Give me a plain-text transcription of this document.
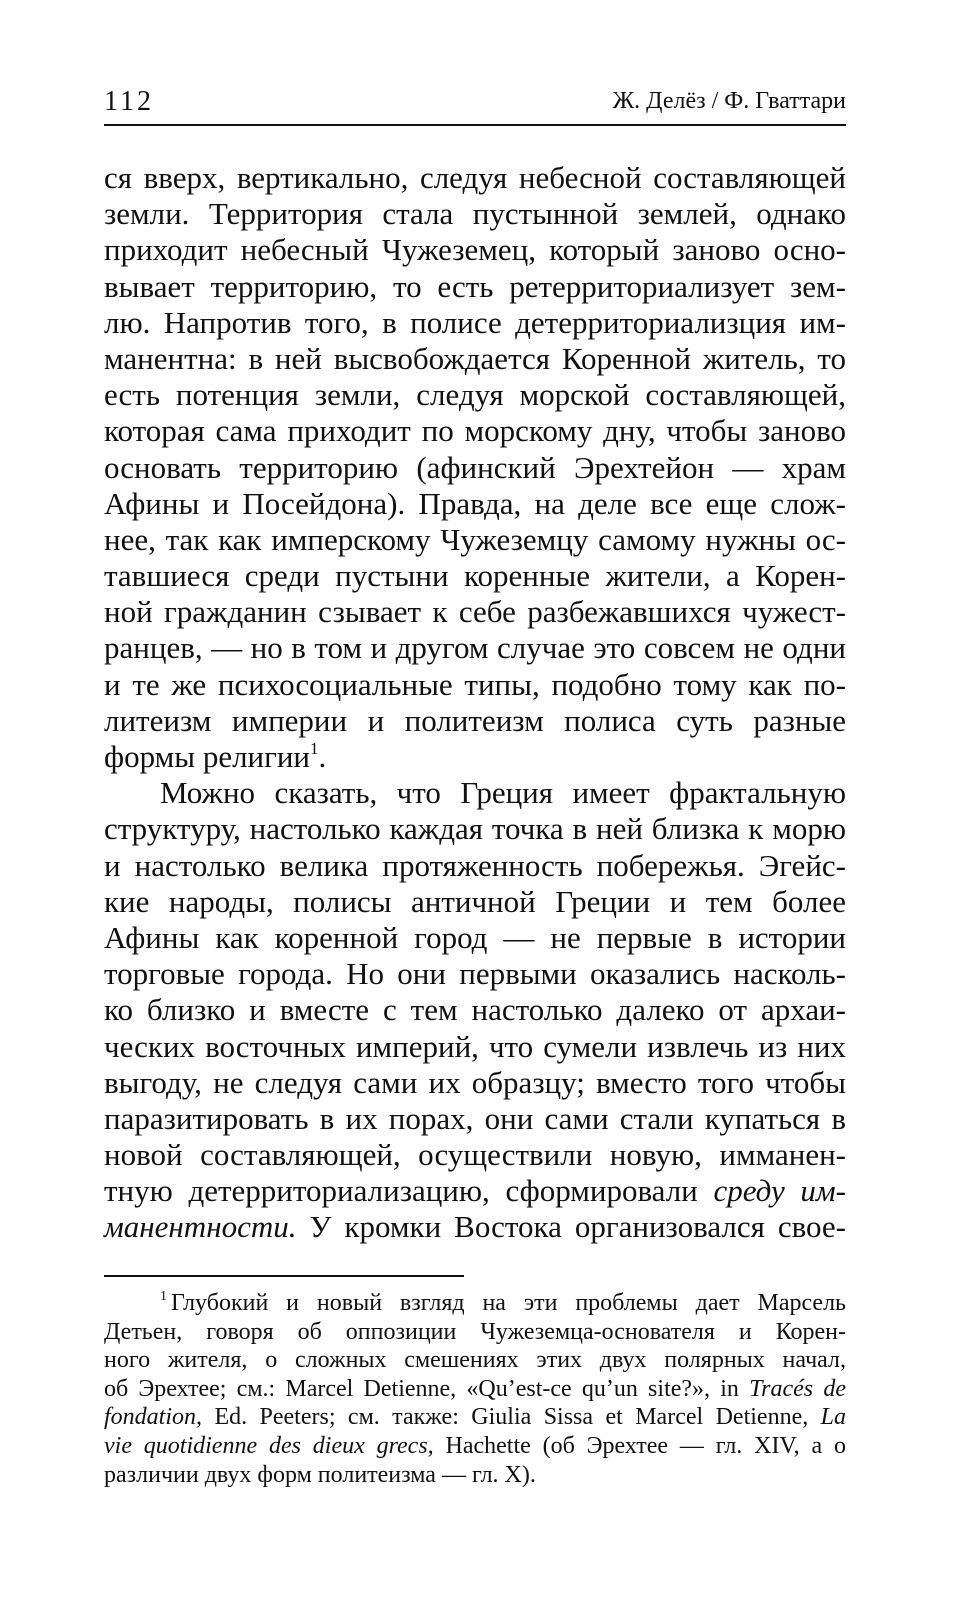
112	Ж. Делёз / Ф. Гваттари
ся вверх, вертикально, следуя небесной составляющей
земли. Территория стала пустынной землей, однако
приходит небесный Чужеземец, который заново осно-
вывает территорию, то есть ретерриториализует зем-
лю. Напротив того, в полисе детерриториализция им-
манентна: в ней высвобождается Коренной житель, то
есть потенция земли, следуя морской составляющей,
которая сама приходит по морскому дну, чтобы заново
основать территорию (афинский Эрехтейон — храм
Афины и Посейдона). Правда, на деле все еще слож-
нее, так как имперскому Чужеземцу самому нужны ос-
тавшиеся среди пустыни коренные жители, а Корен-
ной гражданин сзывает к себе разбежавшихся чужест-
ранцев, — но в том и другом случае это совсем не одни
и те же психосоциальные типы, подобно тому как по-
литеизм империи и политеизм полиса суть разные
формы религии$^1$.
Можно сказать, что Греция имеет фрактальную
структуру, настолько каждая точка в ней близка к морю
и настолько велика протяженность побережья. Эгейс-
кие народы, полисы античной Греции и тем более
Афины как коренной город — не первые в истории
торговые города. Но они первыми оказались насколь-
ко близко и вместе с тем настолько далеко от архаи-
ческих восточных империй, что сумели извлечь из них
выгоду, не следуя сами их образцу; вместо того чтобы
паразитировать в их порах, они сами стали купаться в
новой составляющей, осуществили новую, имманен-
тную детерриториализацию, сформировали среду им-
манентности. У кромки Востока организовался свое-
$^1$ Глубокий и новый взгляд на эти проблемы дает Марсель
Детьен, говоря об оппозиции Чужеземца-основателя и Корен-
ного жителя, о сложных смешениях этих двух полярных начал,
об Эрехтее; см.: Marcel Detienne, «Qu’est-ce qu’un site?», in Tracés de
fondation, Ed. Peeters; см. также: Giulia Sissa et Marcel Detienne, La
vie quotidienne des dieux grecs, Hachette (об Эрехтее — гл. XIV, а о
различии двух форм политеизма — гл. X).
